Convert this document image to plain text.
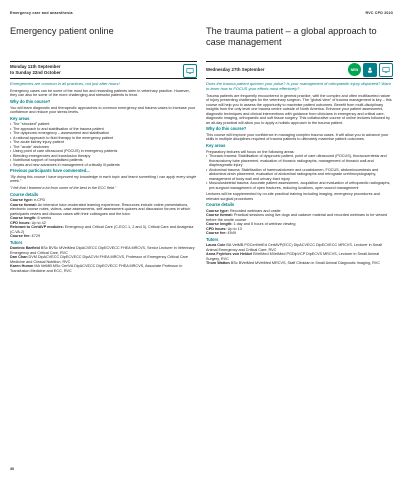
Emergency care and anaesthesia	RVC CPD 2023
Emergency patient online
Monday 11th September
to Sunday 22nd October

Emergencies are common in all practices, not just after hours!

Emergency cases can be some of the most fun and rewarding patients seen in veterinary practice. However, they can also be some of the more challenging and stressful patients to treat.

Why do this course?

You will learn diagnostic and therapeutic approaches to common emergency and trauma cases to increase your confidence and reduce your stress levels.

Key areas
• The "shocked" patient
• The approach to and stabilisation of the trauma patient
• The dyspnoeic emergency – assessment and stabilisation
• A rational approach to fluid therapy in the emergency patient
• The acute kidney injury patient
• The "acute" abdomen
• Using point of care ultrasound (POCUS) in emergency patients
• Bleeding emergencies and transfusion therapy
• Nutritional support of hospitalised patients
• Sepsis and new advances in management of critically ill patients
Previous participants have commented...

"By doing this course I have improved my knowledge in each topic and learnt something I can apply every single week."

"I felt that I learned a lot from some of the best in the ECC field."

Course details
Course type: e-CPD
Course format: An intensive tutor-moderated learning experience. Resources include online presentations, electronic course notes, videos, case assessments, self-assessment quizzes and discussion forums in which participants review and discuss cases with their colleagues and the tutor.
Course length: 6 weeks
CPD hours: Up to 42
Relevant to CertAVP modules: Emergency and Critical Care (C-ECC.1, 2 and 3), Critical Care and Analgesia (C-VA.2)
Course fee: £729
Tutors
Dominic Barfield BSc BVSc MVetMed DipACVECC DipECVECC FHEA MRCVS, Senior Lecturer in Veterinary Emergency and Critical Care, RVC
Dan Chan DVM DipACVECC DipECVECC DipACVN FHEA MRCVS, Professor of Emergency Critical Care Medicine and Clinical Nutrition, RVC
Karen Humm MA VetMB MSc CertVA DipACVECC DipECVECC FHEA MRCVS, Associate Professor in Transfusion Medicine and ECC, RVC
The trauma patient – a global approach to case management
Wednesday 27th September	NEW

Does the trauma patient quicken your pulse? Is your management of orthopaedic injury disjointed? Want to learn how to FOCUS your efforts most effectively?

Trauma patients are frequently encountered in general practice, with the complex and often multifaceted nature of injury presenting challenges for the veterinary surgeon. The "global view" of trauma management is key – this course will help you to assess the opportunity to maximise patient outcomes. Benefit from multi-disciplinary insights from the only level one trauma centre outside of North America. Enhance your patient assessment, diagnostic techniques and clinical interventions with guidance from clinicians in emergency and critical care, diagnostic imaging, orthopaedic and soft tissue surgery. This collaborative course of online lectures followed by an all-day practical will allow you to apply a holistic approach to the trauma patient.

Why do this course?

This course will improve your confidence in managing complex trauma cases. It will allow you to advance your skills in multiple disciplines required of trauma patients to ultimately maximise patient outcomes.

Key areas
Preparatory lectures will focus on the following areas:
• Thoracic trauma: Stabilisation of dyspnoeic patient, point of care ultrasound (POCUS), thoracocentesis and thoracostomy tube placement, evaluation of thoracic radiographs, management of thoracic wall and diaphragmatic injury
• Abdominal trauma: Stabilisation of haemoabdomen and uroabdomen, FOCUS, abdominocentesis and abdominal drain placement, evaluation of abdominal radiographs and retrograde urethrocystography, management of body wall and urinary tract injury
• Musculoskeletal trauma: Accurate patient assessment, acquisition and evaluation of orthopaedic radiographs, pre-surgical management of open fractures, reducing luxations, open wound management

Lectures will be supplemented by on-site practical training including imaging, emergency procedures and relevant surgical procedures

Course details
Course type: Recorded webinars and onsite
Course format: Practical sessions using live dogs and cadaver material and recorded webinars to be viewed before the onsite course
Course length: 1 day and 5 hours of webinar viewing
CPD hours: Up to 13
Course fee: £949
Tutors
Laura Cole BA VetMB PGCertVetEd CertAVP(ECC) DipACVECC DipECVECC MRCVS, Lecturer in Small Animal Emergency and Critical Care, RVC
Anna Frykfors von Hekkel BVetMed MVetMed PGDipVCP DipECVS MRCVS, Lecturer in Small Animal Surgery, RVC
Thom Watton BSc BVetMed MVetMed MRCVS, Staff Clinician in Small Animal Diagnostic Imaging, RVC
30
